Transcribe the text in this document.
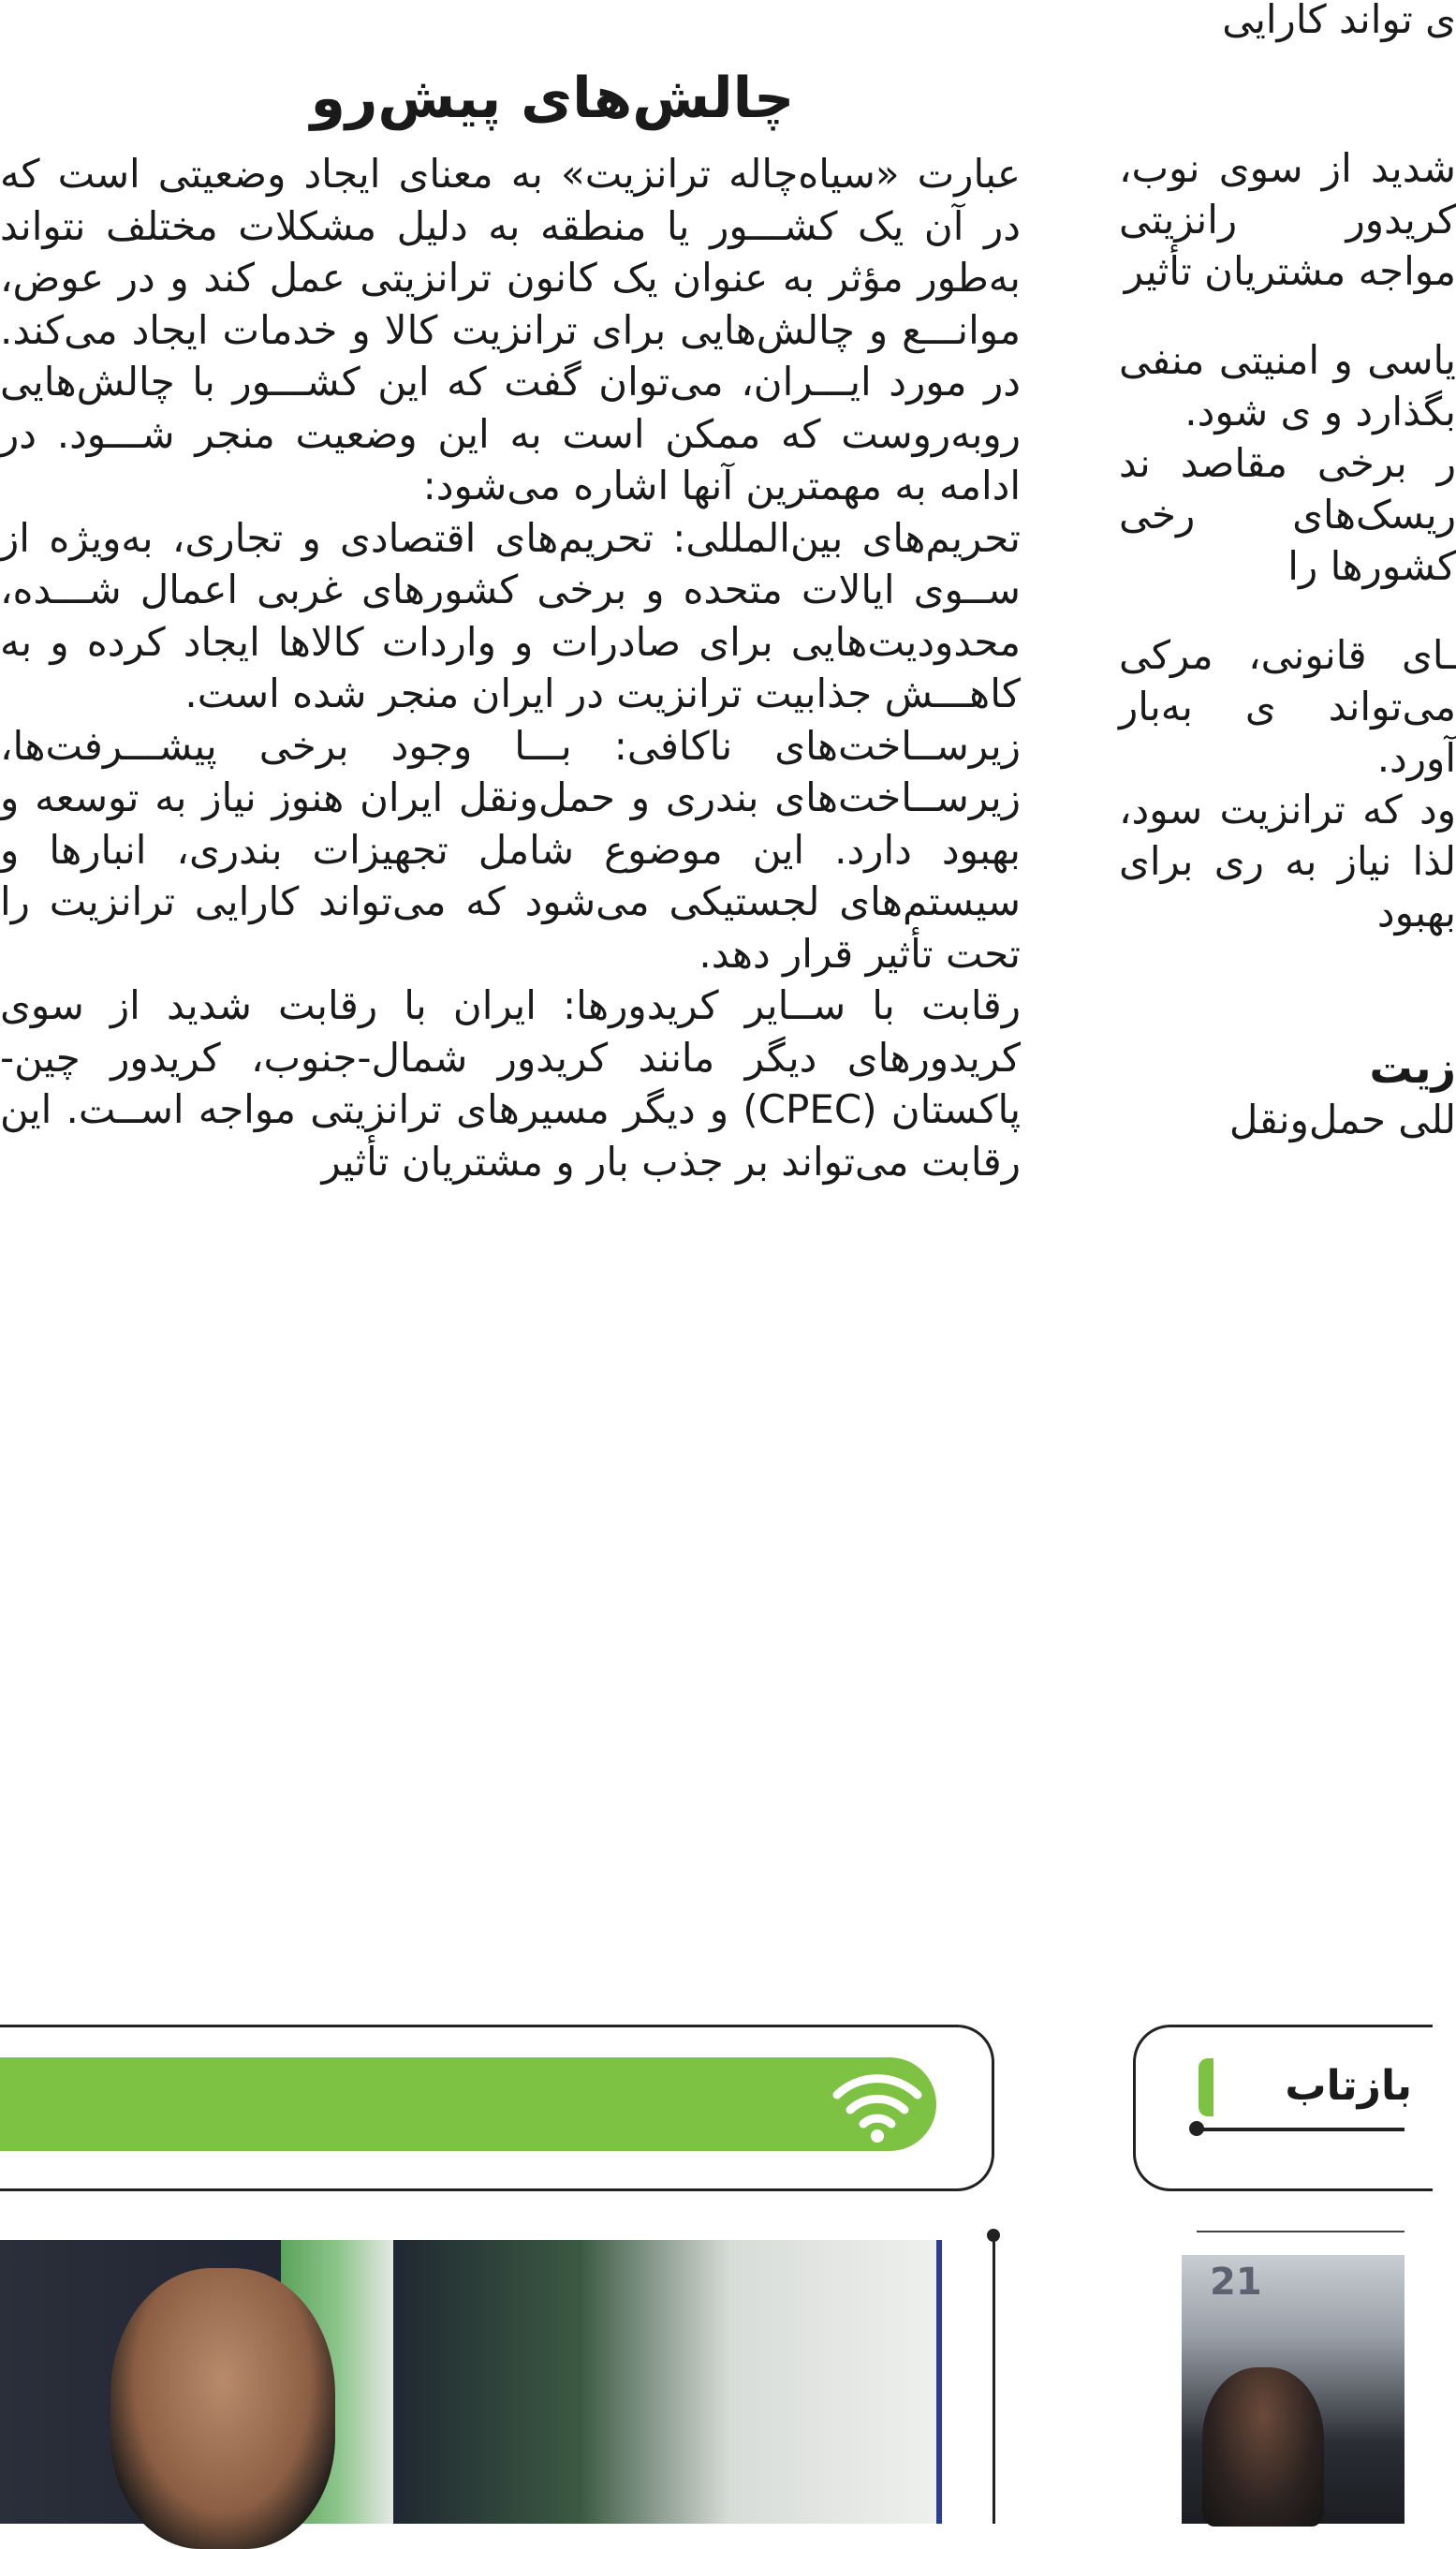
ی تواند کارایی

شدید از سوی نوب، کریدور رانزیتی مواجه مشتریان تأثیر

یاسی و امنیتی منفی بگذارد و ی شود.

ر برخی مقاصد ند ریسک‌های رخی کشورها را

ـای قانونی، مرکی می‌تواند ی به‌بار آورد.

ود که ترانزیت سود، لذا نیاز به ری برای بهبود

زیت

للی حمل‌ونقل

چالش‌های پیش‌رو

عبارت «سیاه‌چاله ترانزیت» به معنای ایجاد وضعیتی است که در آن یک کشـــور یا منطقه به دلیل مشکلات مختلف نتواند به‌طور مؤثر به عنوان یک کانون ترانزیتی عمل کند و در عوض، موانـــع و چالش‌هایی برای ترانزیت کالا و خدمات ایجاد می‌کند. در مورد ایـــران، می‌توان گفت که این کشـــور با چالش‌هایی روبه‌روست که ممکن است به این وضعیت منجر شـــود. در ادامه به مهمترین آنها اشاره می‌شود:

تحریم‌های بین‌المللی: تحریم‌های اقتصادی و تجاری، به‌ویژه از ســوی ایالات متحده و برخی کشورهای غربی اعمال شـــده، محدودیت‌هایی برای صادرات و واردات کالاها ایجاد کرده و به کاهـــش جذابیت ترانزیت در ایران منجر شده است.

زیرســاخت‌های ناکافی: بـــا وجود برخی پیشـــرفت‌ها، زیرســاخت‌های بندری و حمل‌ونقل ایران هنوز نیاز به توسعه و بهبود دارد. این موضوع شامل تجهیزات بندری، انبارها و سیستم‌های لجستیکی می‌شود که می‌تواند کارایی ترانزیت را تحت تأثیر قرار دهد.

رقابت با ســایر کریدورها: ایران با رقابت شدید از سوی کریدورهای دیگر مانند کریدور شمال-جنوب، کریدور چین-پاکستان (CPEC) و دیگر مسیرهای ترانزیتی مواجه اســت. این رقابت می‌تواند بر جذب بار و مشتریان تأثیر

بازتاب
21
